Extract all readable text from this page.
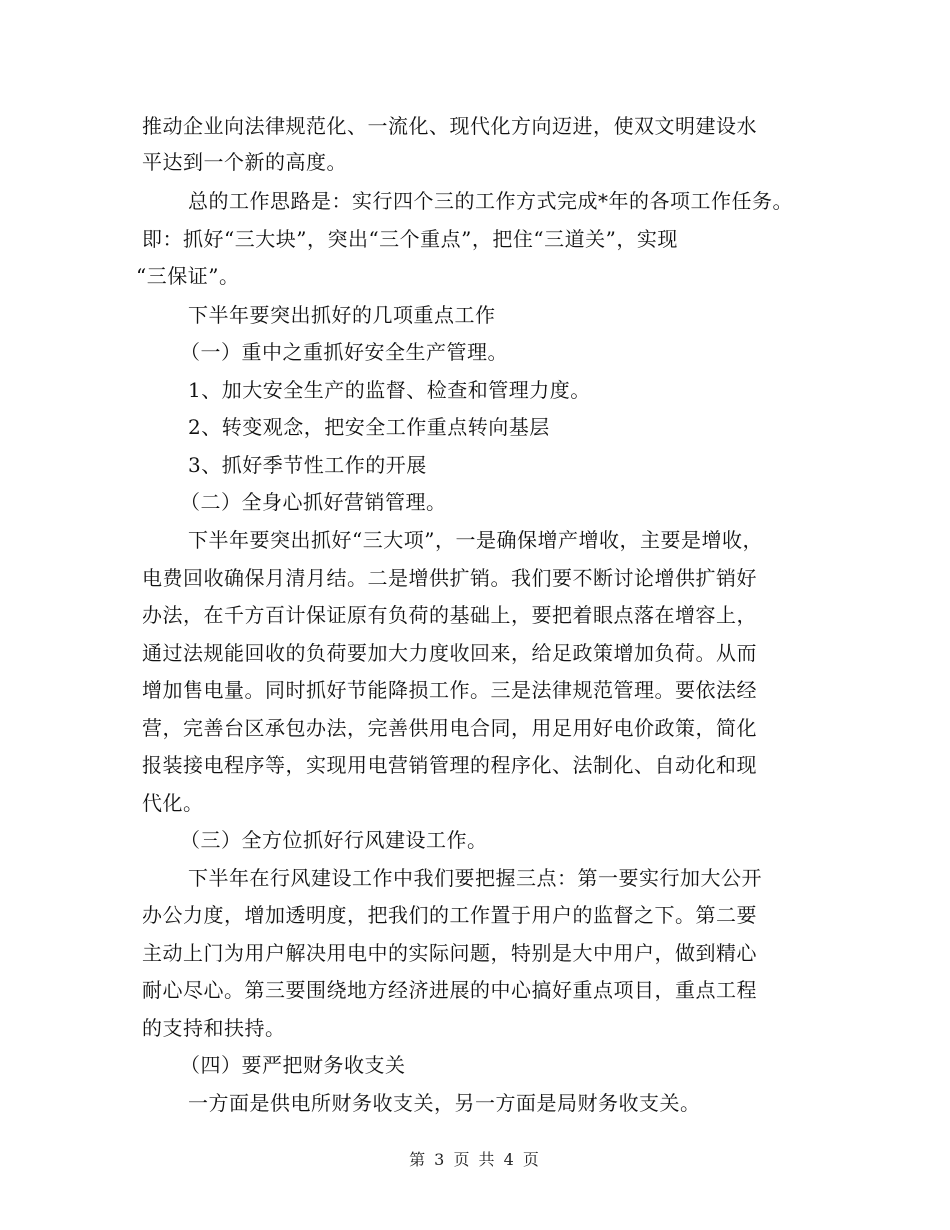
推动企业向法律规范化、一流化、现代化方向迈进，使双文明建设水
平达到一个新的高度。
总的工作思路是：实行四个三的工作方式完成*年的各项工作任务。
即：抓好“三大块”，突出“三个重点”，把住“三道关”，实现
“三保证”。
下半年要突出抓好的几项重点工作
（一）重中之重抓好安全生产管理。
1、加大安全生产的监督、检查和管理力度。
2、转变观念，把安全工作重点转向基层
3、抓好季节性工作的开展
（二）全身心抓好营销管理。
下半年要突出抓好“三大项”，一是确保增产增收，主要是增收，
电费回收确保月清月结。二是增供扩销。我们要不断讨论增供扩销好
办法，在千方百计保证原有负荷的基础上，要把着眼点落在增容上，
通过法规能回收的负荷要加大力度收回来，给足政策增加负荷。从而
增加售电量。同时抓好节能降损工作。三是法律规范管理。要依法经
营，完善台区承包办法，完善供用电合同，用足用好电价政策，简化
报装接电程序等，实现用电营销管理的程序化、法制化、自动化和现
代化。
（三）全方位抓好行风建设工作。
下半年在行风建设工作中我们要把握三点：第一要实行加大公开
办公力度，增加透明度，把我们的工作置于用户的监督之下。第二要
主动上门为用户解决用电中的实际问题，特别是大中用户，做到精心
耐心尽心。第三要围绕地方经济进展的中心搞好重点项目，重点工程
的支持和扶持。
（四）要严把财务收支关
一方面是供电所财务收支关，另一方面是局财务收支关。
第 3 页 共 4 页
